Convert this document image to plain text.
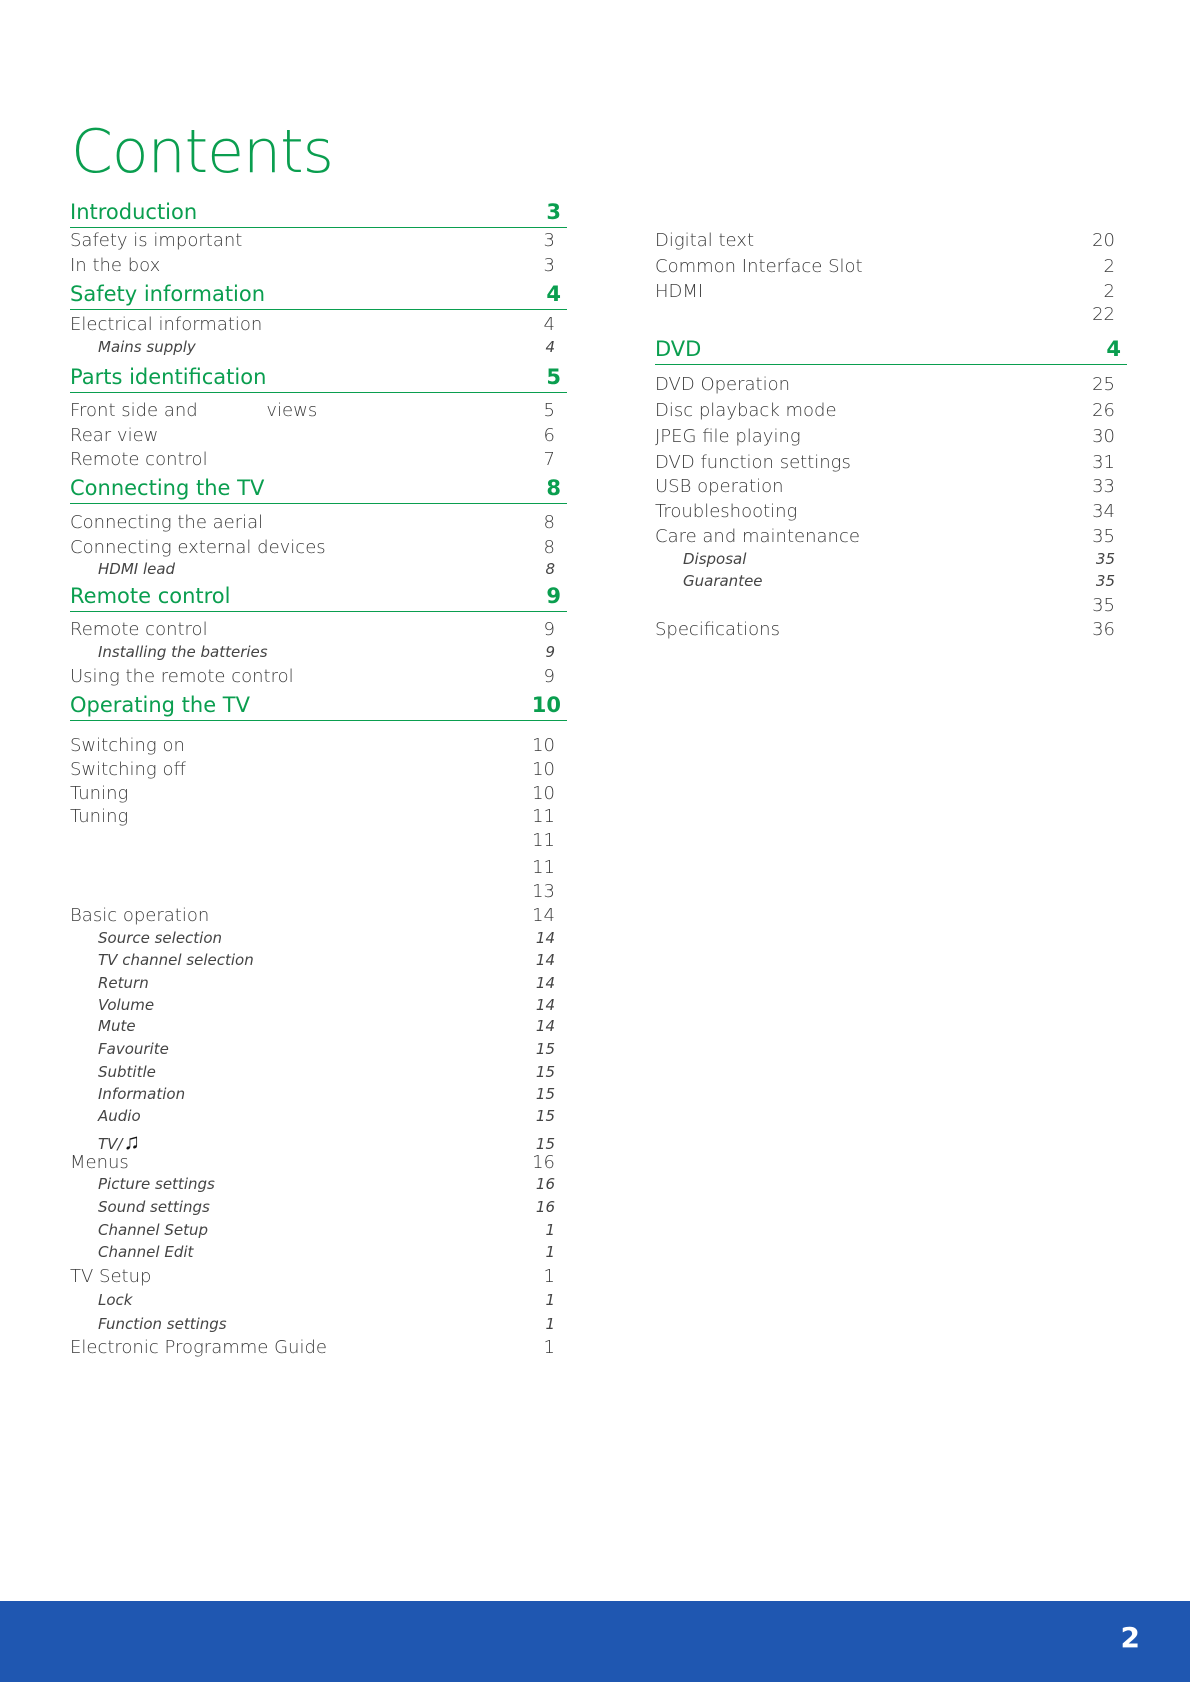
Contents
Introduction	3
Safety is important	3
In the box	3
Safety information	4
Electrical information	4
Mains supply	4
Parts identification	5
Front side and            views	5
Rear view	6
Remote control	7
Connecting the TV	8
Connecting the aerial	8
Connecting external devices	8
HDMI lead	8
Remote control	9
Remote control	9
Installing the batteries	9
Using the remote control	9
Operating the TV	10
Switching on	10
Switching off	10
Tuning	10
Tuning	11
11
11
13
Basic operation	14
Source selection	14
TV channel selection	14
Return	14
Volume	14
Mute	14
Favourite	15
Subtitle	15
Information	15
Audio	15
TV/♫	15
Menus	16
Picture settings	16
Sound settings	16
Channel Setup	1
Channel Edit	1
TV Setup	1
Lock	1
Function settings	1
Electronic Programme Guide	1
Digital text	20
Common Interface Slot	2
HDMI	2
22
DVD	4
DVD Operation	25
Disc playback mode	26
JPEG file playing	30
DVD function settings	31
USB operation	33
Troubleshooting	34
Care and maintenance	35
Disposal	35
Guarantee	35
35
Specifications	36
2
